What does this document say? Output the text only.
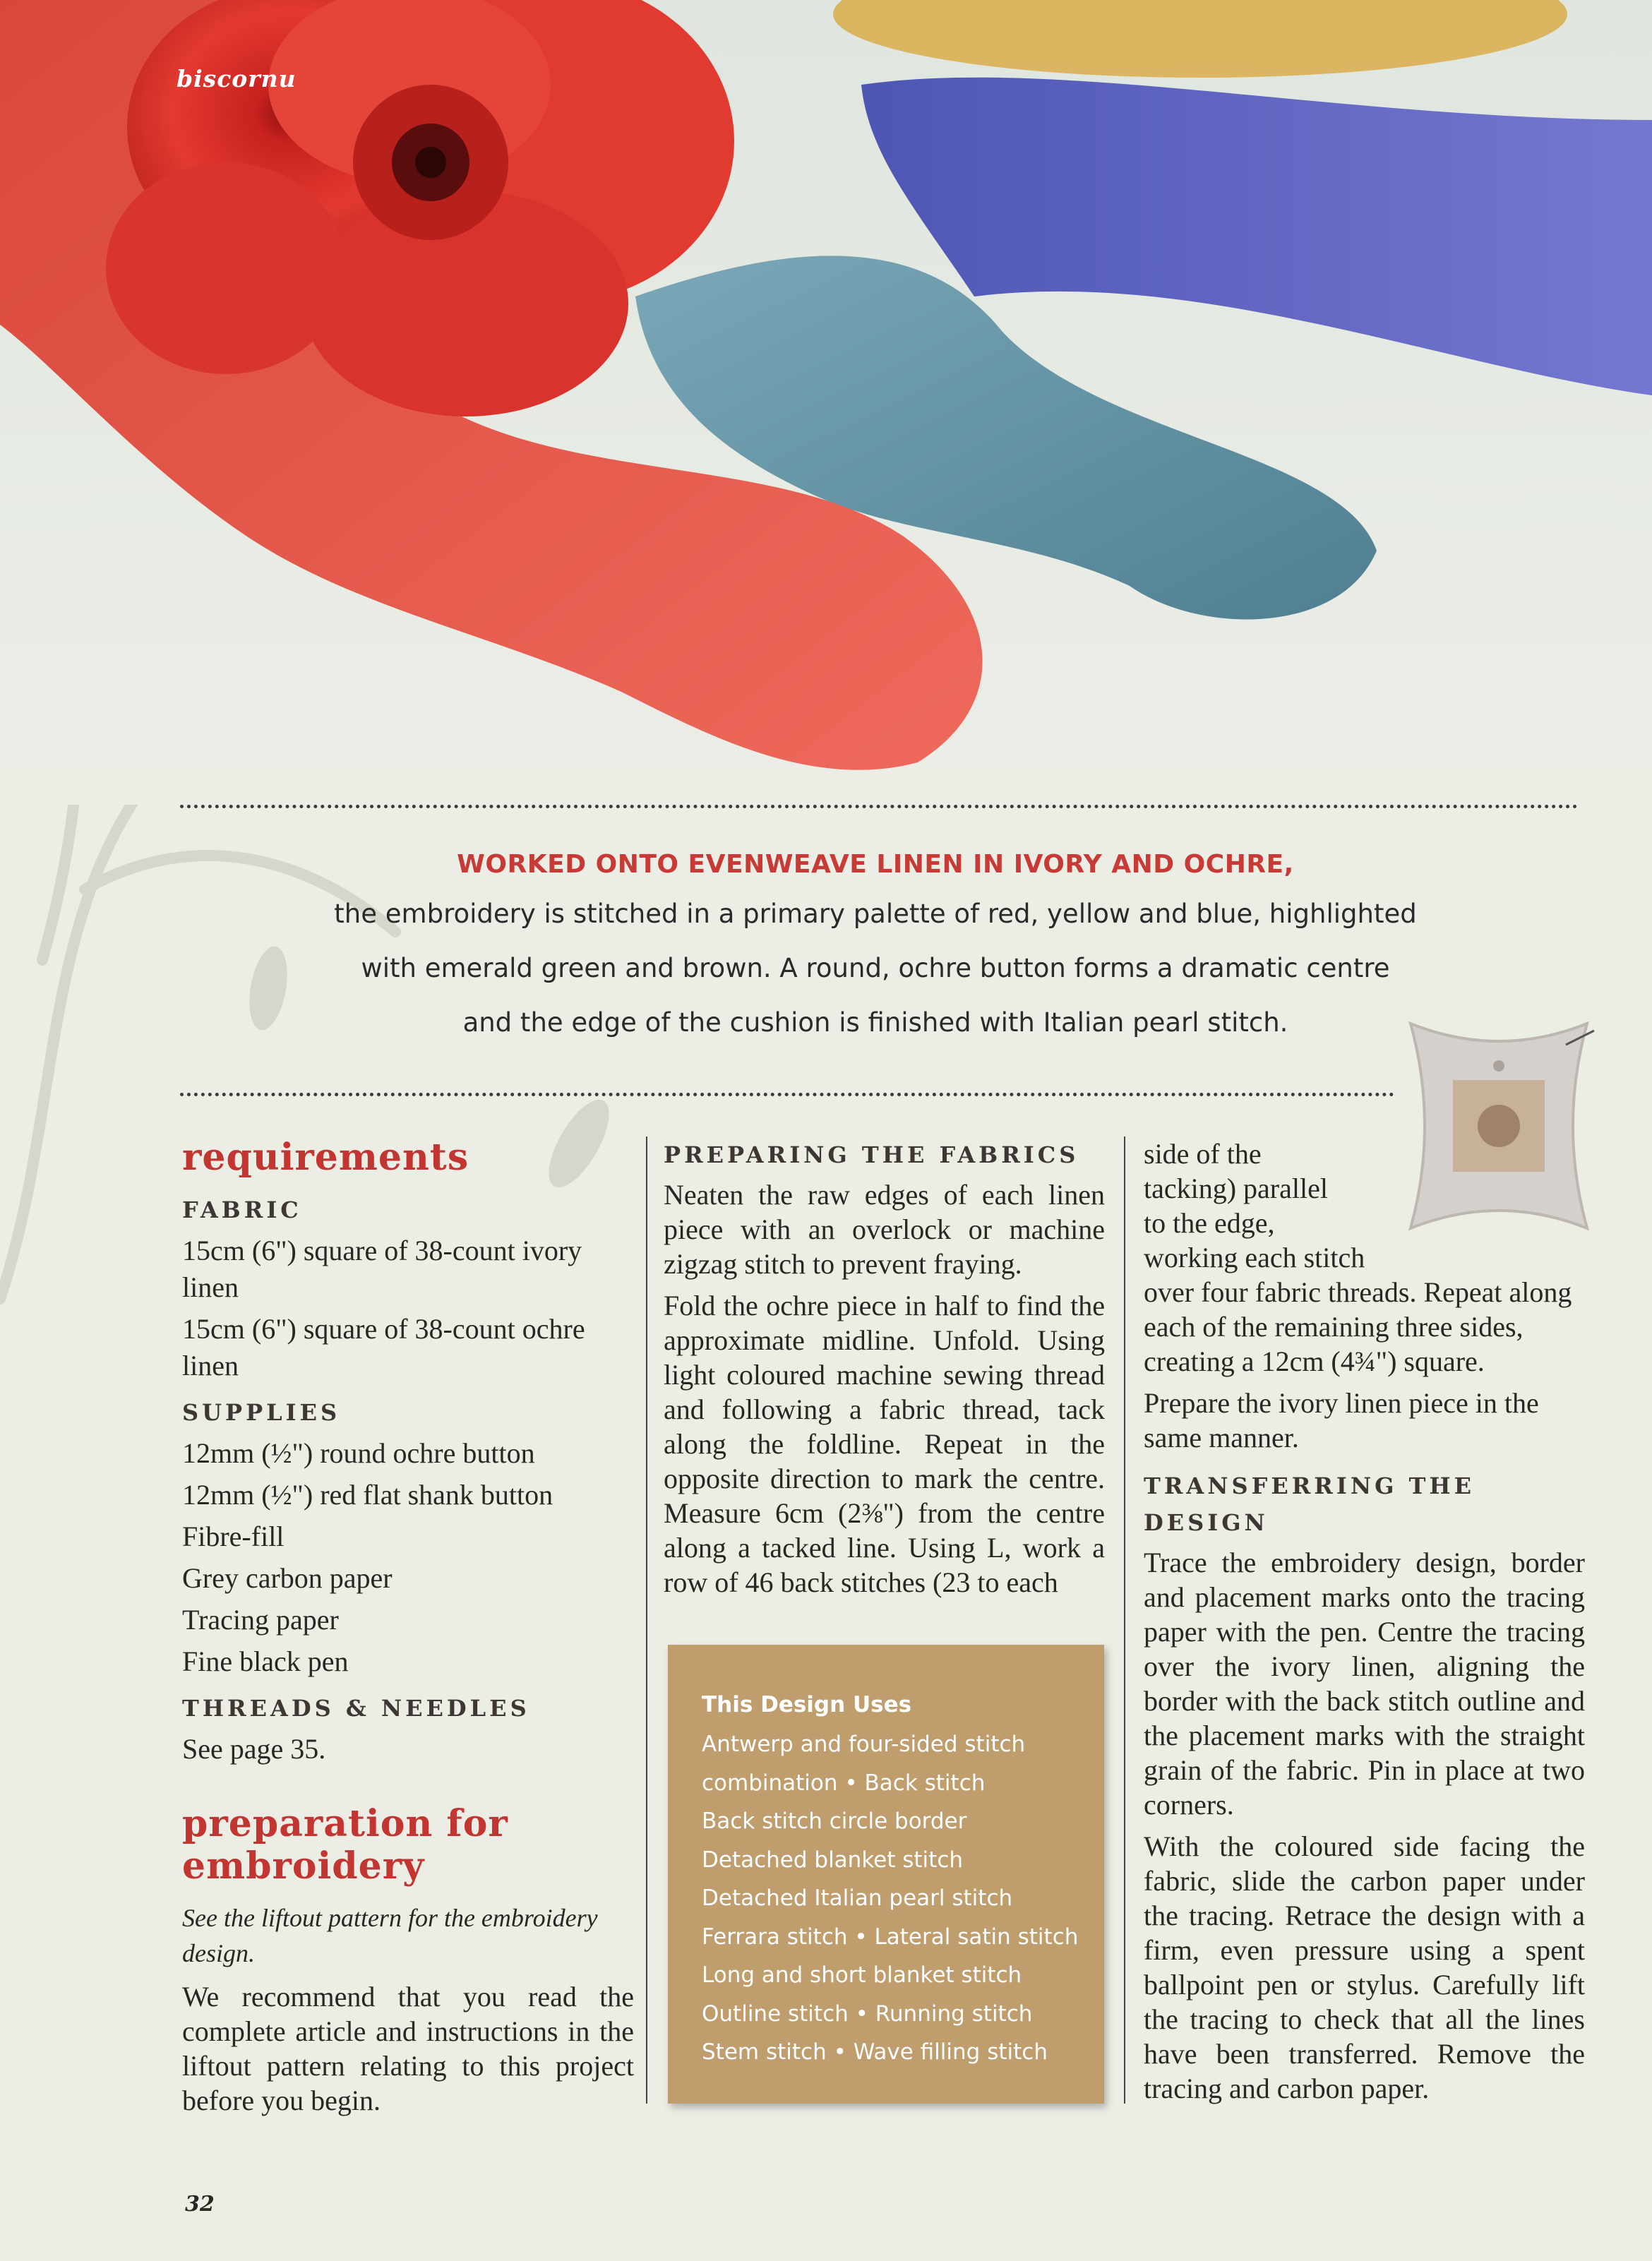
biscornu
WORKED ONTO EVENWEAVE LINEN IN IVORY AND OCHRE,
the embroidery is stitched in a primary palette of red, yellow and blue, highlighted
with emerald green and brown. A round, ochre button forms a dramatic centre
and the edge of the cushion is finished with Italian pearl stitch.
requirements
FABRIC

15cm (6") square of 38-count ivory linen

15cm (6") square of 38-count ochre linen

SUPPLIES

12mm (½") round ochre button

12mm (½") red flat shank button

Fibre-fill

Grey carbon paper

Tracing paper

Fine black pen

THREADS & NEEDLES

See page 35.

preparation for
embroidery

See the liftout pattern for the embroidery design.

We recommend that you read the complete article and instructions in the liftout pattern relating to this project before you begin.

PREPARING THE FABRICS

Neaten the raw edges of each linen piece with an overlock or machine zigzag stitch to prevent fraying.

Fold the ochre piece in half to find the approximate midline. Unfold. Using light coloured machine sewing thread and following a fabric thread, tack along the foldline. Repeat in the opposite direction to mark the centre. Measure 6cm (2⅜") from the centre along a tacked line. Using L, work a row of 46 back stitches (23 to each

This Design Uses
Antwerp and four-sided stitch
combination • Back stitch
Back stitch circle border
Detached blanket stitch
Detached Italian pearl stitch
Ferrara stitch • Lateral satin stitch
Long and short blanket stitch
Outline stitch • Running stitch
Stem stitch • Wave filling stitch

side of the

tacking) parallel

to the edge,

working each stitch

over four fabric threads. Repeat along each of the remaining three sides, creating a 12cm (4¾") square.

Prepare the ivory linen piece in the same manner.

TRANSFERRING THE
DESIGN

Trace the embroidery design, border and placement marks onto the tracing paper with the pen. Centre the tracing over the ivory linen, aligning the border with the back stitch outline and the placement marks with the straight grain of the fabric. Pin in place at two corners.

With the coloured side facing the fabric, slide the carbon paper under the tracing. Retrace the design with a firm, even pressure using a spent ballpoint pen or stylus. Carefully lift the tracing to check that all the lines have been transferred. Remove the tracing and carbon paper.

32
